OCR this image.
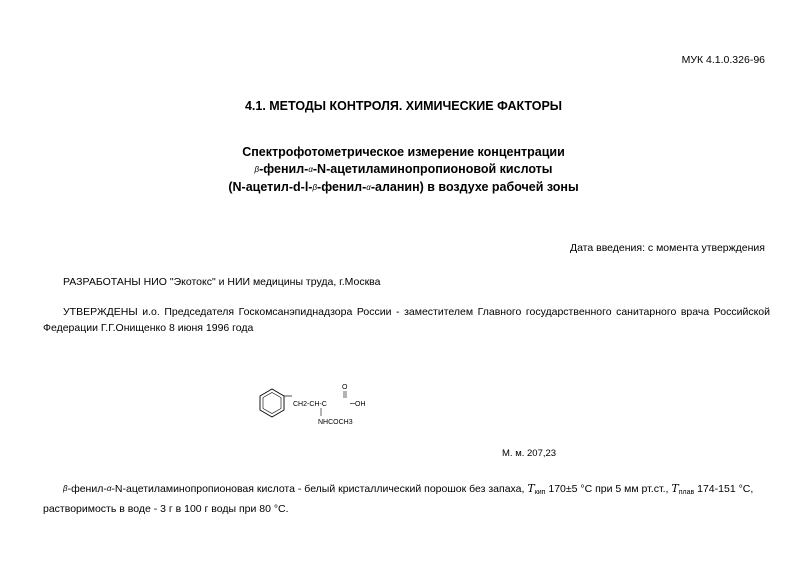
МУК 4.1.0.326-96
4.1. МЕТОДЫ КОНТРОЛЯ. ХИМИЧЕСКИЕ ФАКТОРЫ
Спектрофотометрическое измерение концентрации
β-фенил-α-N-ацетиламинопропионовой кислоты
(N-ацетил-d-l-β-фенил-α-аланин) в воздухе рабочей зоны
Дата введения: с момента утверждения
РАЗРАБОТАНЫ НИО "Экотокс" и НИИ медицины труда, г.Москва
УТВЕРЖДЕНЫ и.о. Председателя Госкомсанэпиднадзора России - заместителем Главного государственного санитарного врача Российской Федерации Г.Г.Онищенко 8 июня 1996 года
CH2-CH-C
O
OH
NHCOCH3
М. м. 207,23
β-фенил-α-N-ацетиламинопропионовая кислота - белый кристаллический порошок без запаха, Tкип 170±5 °C при 5 мм рт.ст., Tплав 174-151 °C, растворимость в воде - 3 г в 100 г воды при 80 °С.
